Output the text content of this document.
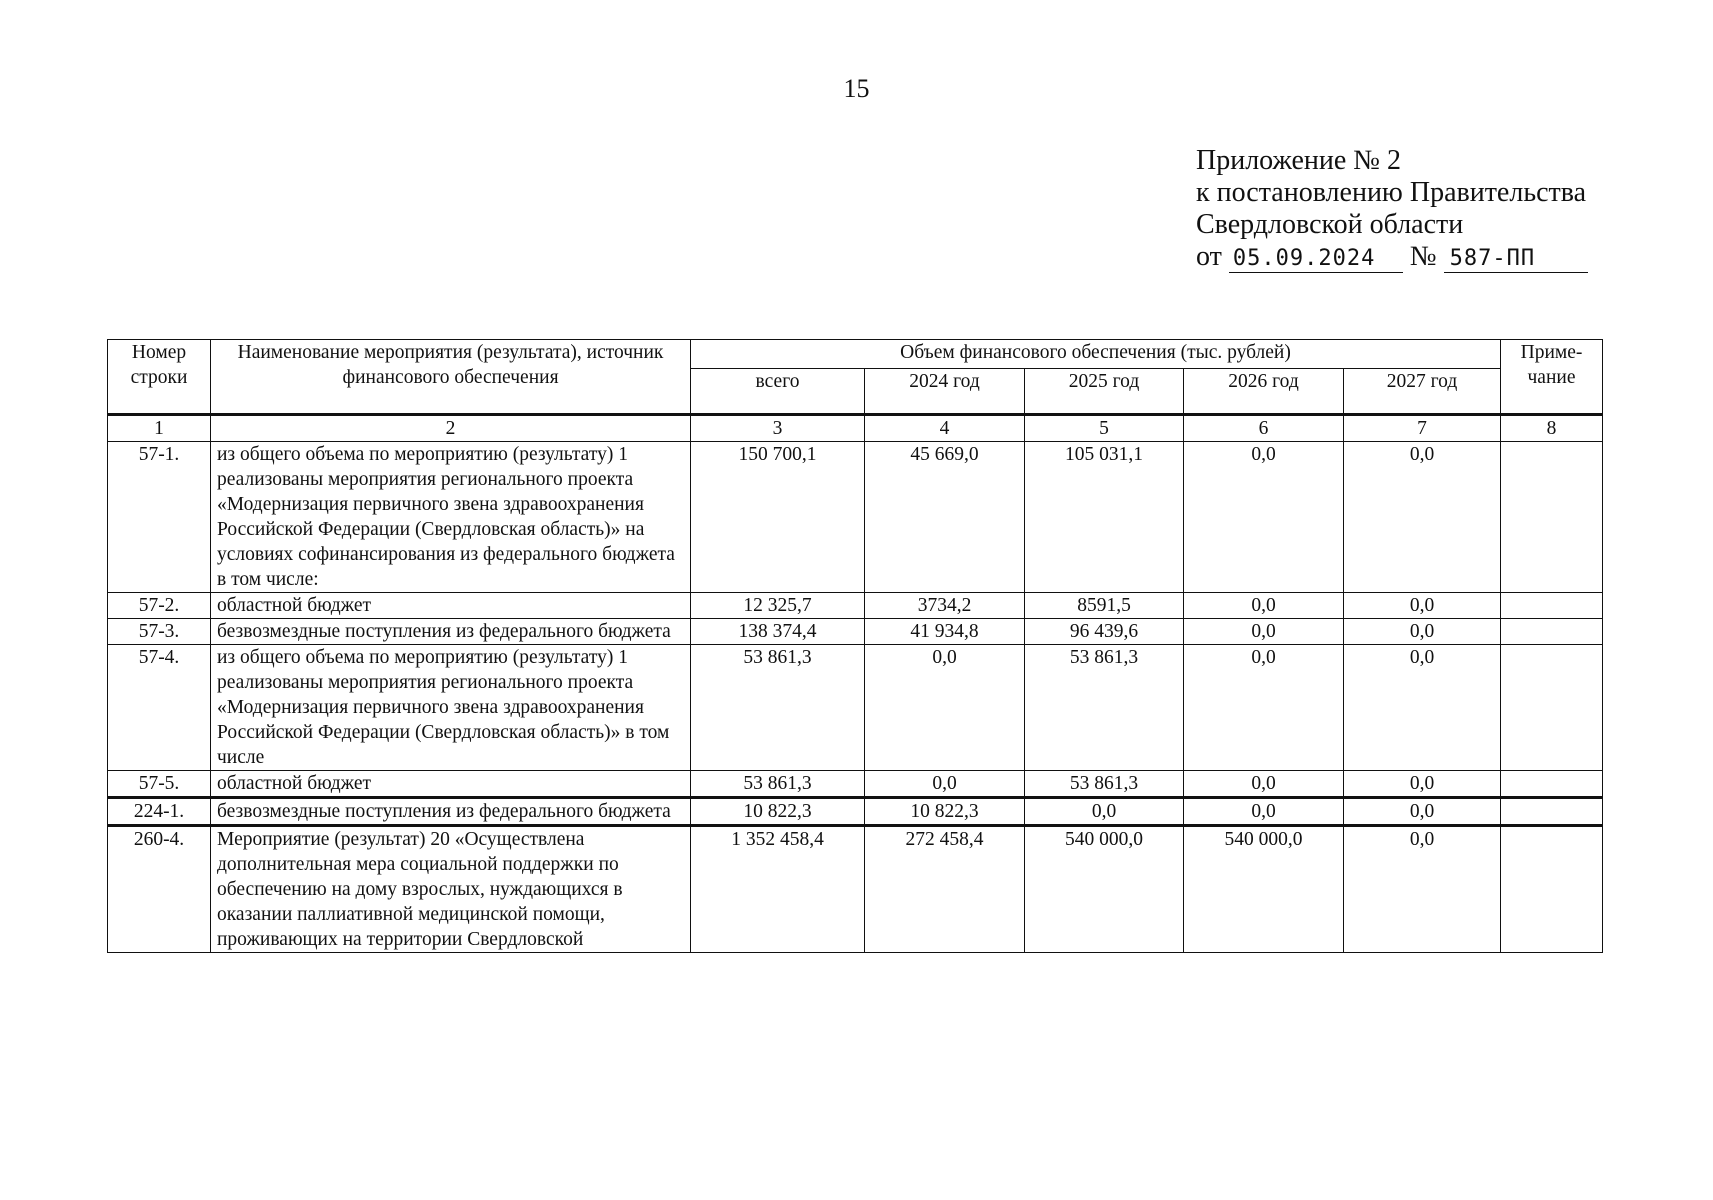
15
Приложение № 2
к постановлению Правительства
Свердловской области
от 05.09.2024 № 587-ПП
Номер строки	Наименование мероприятия (результата), источник финансового обеспечения	Объем финансового обеспечения (тыс. рублей)					Приме-чание
		всего	2024 год	2025 год	2026 год	2027 год	
1	2	3	4	5	6	7	8
57-1.	из общего объема по мероприятию (результату) 1 реализованы мероприятия регионального проекта «Модернизация первичного звена здравоохранения Российской Федерации (Свердловская область)» на условиях софинансирования из федерального бюджета в том числе:	150 700,1	45 669,0	105 031,1	0,0	0,0	
57-2.	областной бюджет	12 325,7	3734,2	8591,5	0,0	0,0	
57-3.	безвозмездные поступления из федерального бюджета	138 374,4	41 934,8	96 439,6	0,0	0,0	
57-4.	из общего объема по мероприятию (результату) 1 реализованы мероприятия регионального проекта «Модернизация первичного звена здравоохранения Российской Федерации (Свердловская область)» в том числе	53 861,3	0,0	53 861,3	0,0	0,0	
57-5.	областной бюджет	53 861,3	0,0	53 861,3	0,0	0,0	
224-1.	безвозмездные поступления из федерального бюджета	10 822,3	10 822,3	0,0	0,0	0,0	
260-4.	Мероприятие (результат) 20 «Осуществлена дополнительная мера социальной поддержки по обеспечению на дому взрослых, нуждающихся в оказании паллиативной медицинской помощи, проживающих на территории Свердловской	1 352 458,4	272 458,4	540 000,0	540 000,0	0,0	
